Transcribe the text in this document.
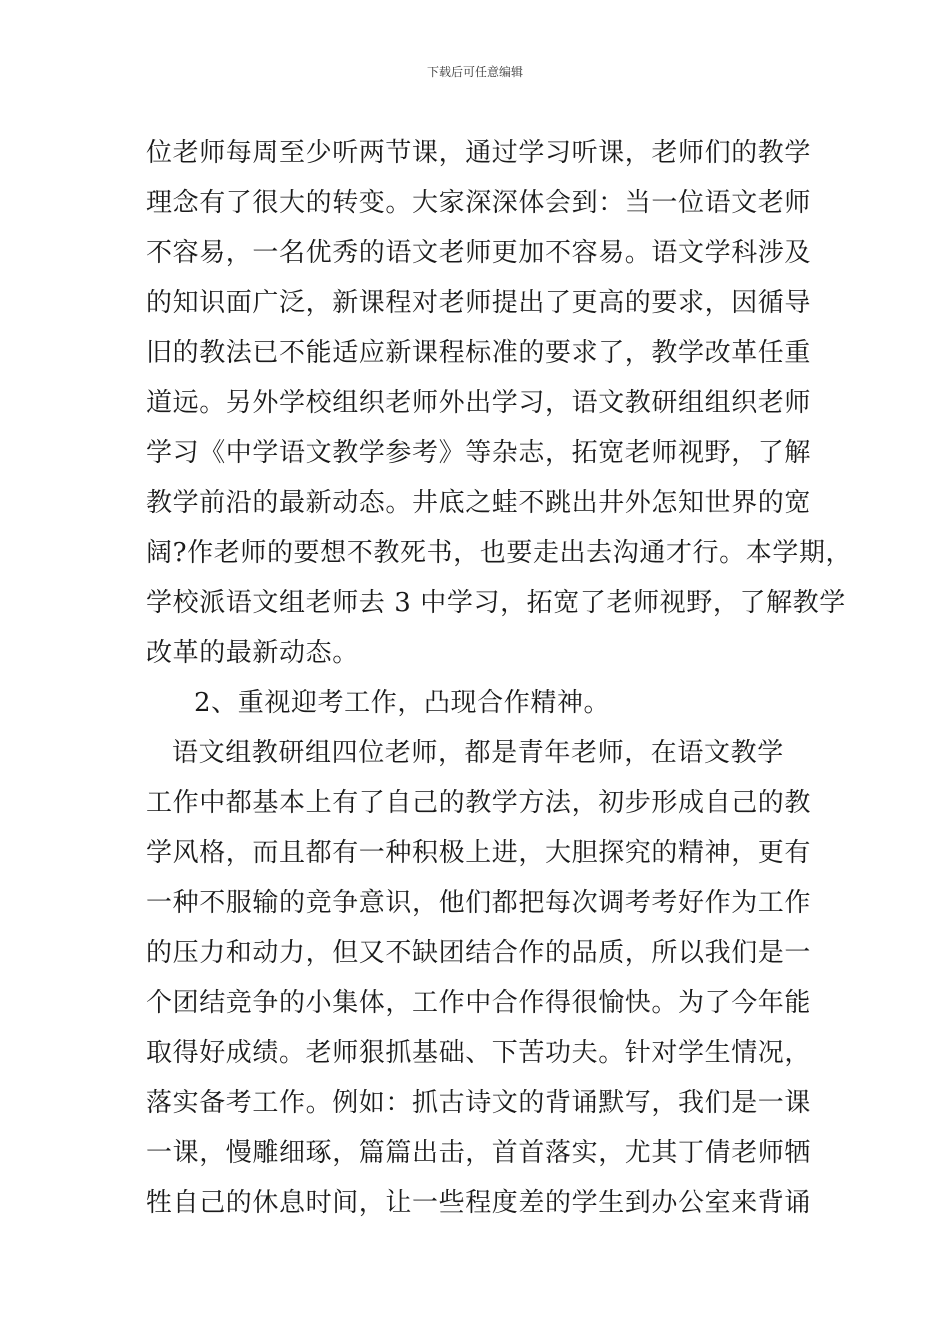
下载后可任意编辑
位老师每周至少听两节课，通过学习听课，老师们的教学
理念有了很大的转变。大家深深体会到：当一位语文老师
不容易，一名优秀的语文老师更加不容易。语文学科涉及
的知识面广泛，新课程对老师提出了更高的要求，因循导
旧的教法已不能适应新课程标准的要求了，教学改革任重
道远。另外学校组织老师外出学习，语文教研组组织老师
学习《中学语文教学参考》等杂志，拓宽老师视野，了解
教学前沿的最新动态。井底之蛙不跳出井外怎知世界的宽
阔?作老师的要想不教死书，也要走出去沟通才行。本学期，
学校派语文组老师去 3 中学习，拓宽了老师视野，了解教学
改革的最新动态。
2、重视迎考工作，凸现合作精神。
语文组教研组四位老师，都是青年老师，在语文教学
工作中都基本上有了自己的教学方法，初步形成自己的教
学风格，而且都有一种积极上进，大胆探究的精神，更有
一种不服输的竞争意识，他们都把每次调考考好作为工作
的压力和动力，但又不缺团结合作的品质，所以我们是一
个团结竞争的小集体，工作中合作得很愉快。为了今年能
取得好成绩。老师狠抓基础、下苦功夫。针对学生情况，
落实备考工作。例如：抓古诗文的背诵默写，我们是一课
一课，慢雕细琢，篇篇出击，首首落实，尤其丁倩老师牺
牲自己的休息时间，让一些程度差的学生到办公室来背诵
